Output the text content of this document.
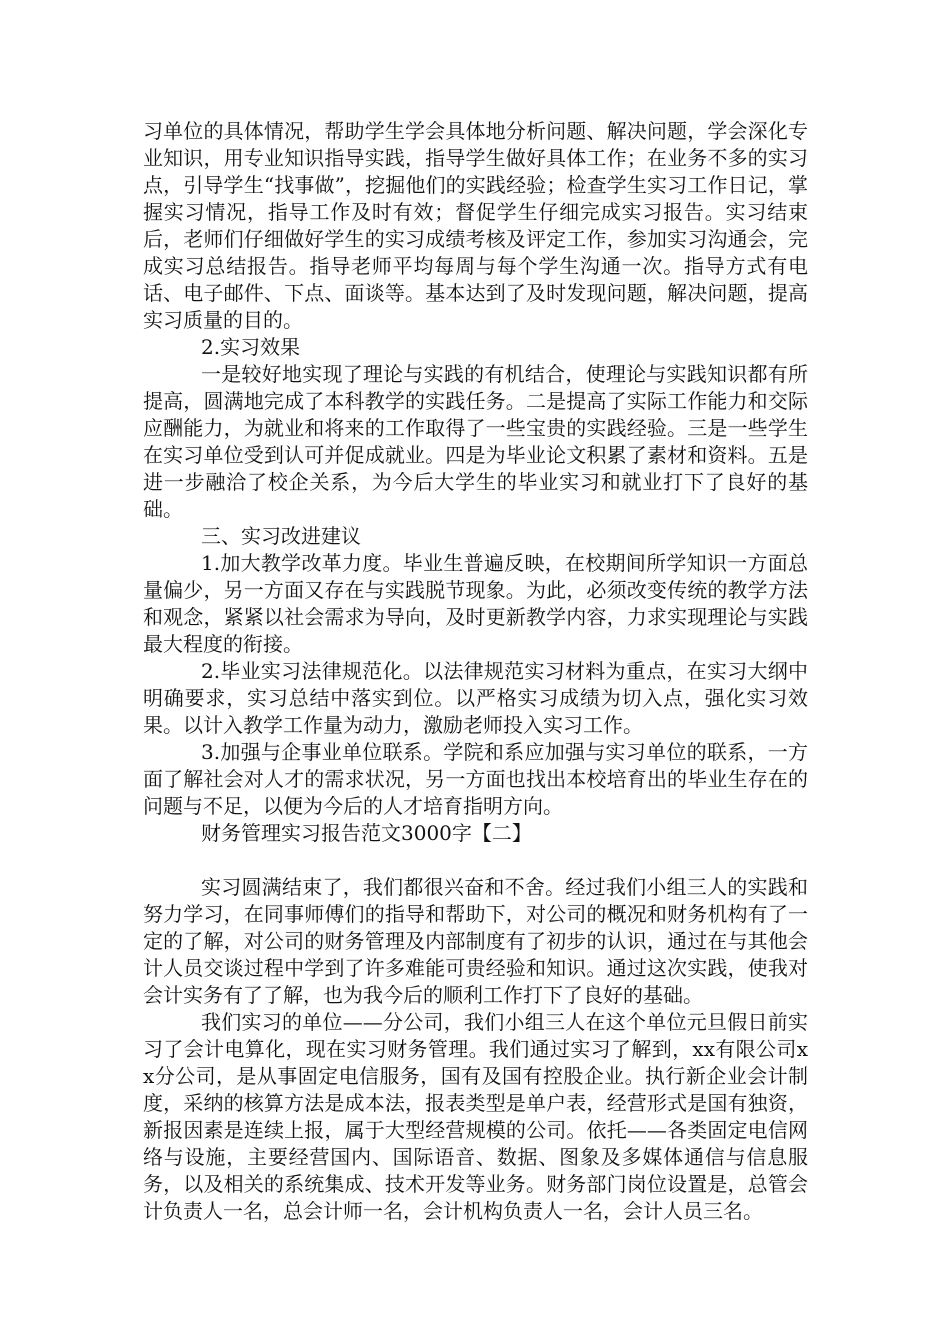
习单位的具体情况，帮助学生学会具体地分析问题、解决问题，学会深化专业知识，用专业知识指导实践，指导学生做好具体工作；在业务不多的实习点，引导学生“找事做”，挖掘他们的实践经验；检查学生实习工作日记，掌握实习情况，指导工作及时有效；督促学生仔细完成实习报告。实习结束后，老师们仔细做好学生的实习成绩考核及评定工作，参加实习沟通会，完成实习总结报告。指导老师平均每周与每个学生沟通一次。指导方式有电话、电子邮件、下点、面谈等。基本达到了及时发现问题，解决问题，提高实习质量的目的。

2.实习效果

一是较好地实现了理论与实践的有机结合，使理论与实践知识都有所提高，圆满地完成了本科教学的实践任务。二是提高了实际工作能力和交际应酬能力，为就业和将来的工作取得了一些宝贵的实践经验。三是一些学生在实习单位受到认可并促成就业。四是为毕业论文积累了素材和资料。五是进一步融洽了校企关系，为今后大学生的毕业实习和就业打下了良好的基础。

三、实习改进建议

1.加大教学改革力度。毕业生普遍反映，在校期间所学知识一方面总量偏少，另一方面又存在与实践脱节现象。为此，必须改变传统的教学方法和观念，紧紧以社会需求为导向，及时更新教学内容，力求实现理论与实践最大程度的衔接。

2.毕业实习法律规范化。以法律规范实习材料为重点，在实习大纲中明确要求，实习总结中落实到位。以严格实习成绩为切入点，强化实习效果。以计入教学工作量为动力，激励老师投入实习工作。

3.加强与企事业单位联系。学院和系应加强与实习单位的联系，一方面了解社会对人才的需求状况，另一方面也找出本校培育出的毕业生存在的问题与不足，以便为今后的人才培育指明方向。

财务管理实习报告范文3000字【二】

实习圆满结束了，我们都很兴奋和不舍。经过我们小组三人的实践和努力学习，在同事师傅们的指导和帮助下，对公司的概况和财务机构有了一定的了解，对公司的财务管理及内部制度有了初步的认识，通过在与其他会计人员交谈过程中学到了许多难能可贵经验和知识。通过这次实践，使我对会计实务有了了解，也为我今后的顺利工作打下了良好的基础。

我们实习的单位——分公司，我们小组三人在这个单位元旦假日前实习了会计电算化，现在实习财务管理。我们通过实习了解到，xx有限公司xx分公司，是从事固定电信服务，国有及国有控股企业。执行新企业会计制度，采纳的核算方法是成本法，报表类型是单户表，经营形式是国有独资，新报因素是连续上报，属于大型经营规模的公司。依托——各类固定电信网络与设施，主要经营国内、国际语音、数据、图象及多媒体通信与信息服务，以及相关的系统集成、技术开发等业务。财务部门岗位设置是，总管会计负责人一名，总会计师一名，会计机构负责人一名，会计人员三名。
